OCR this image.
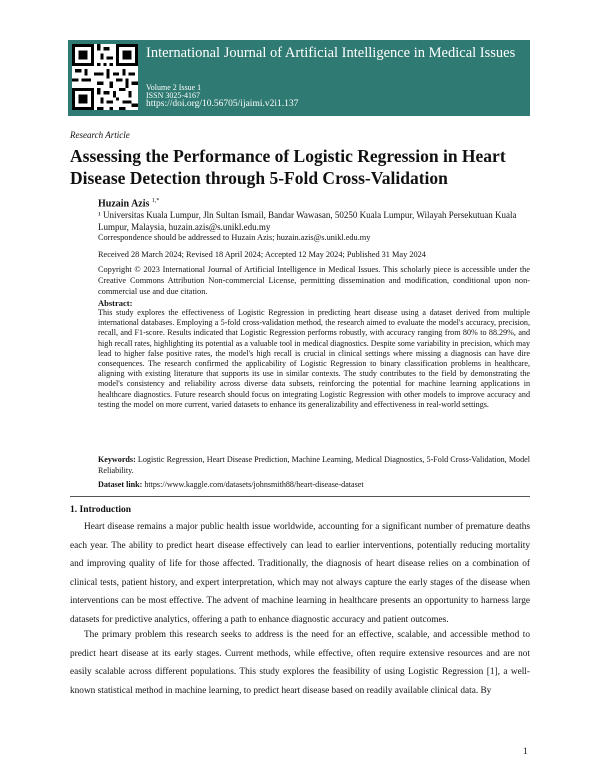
International Journal of Artificial Intelligence in Medical Issues
Volume 2 Issue 1
ISSN 3025-4167
https://doi.org/10.56705/ijaimi.v2i1.137
Research Article
Assessing the Performance of Logistic Regression in Heart Disease Detection through 5-Fold Cross-Validation
Huzain Azis $^{1,*}$
¹ Universitas Kuala Lumpur, Jln Sultan Ismail, Bandar Wawasan, 50250 Kuala Lumpur, Wilayah Persekutuan Kuala Lumpur, Malaysia, huzain.azis@s.unikl.edu.my
Correspondence should be addressed to Huzain Azis; huzain.azis@s.unikl.edu.my
Received 28 March 2024; Revised 18 April 2024; Accepted 12 May 2024; Published 31 May 2024
Copyright © 2023 International Journal of Artificial Intelligence in Medical Issues. This scholarly piece is accessible under the Creative Commons Attribution Non-commercial License, permitting dissemination and modification, conditional upon non-commercial use and due citation.
Abstract:

This study explores the effectiveness of Logistic Regression in predicting heart disease using a dataset derived from multiple international databases. Employing a 5-fold cross-validation method, the research aimed to evaluate the model's accuracy, precision, recall, and F1-score. Results indicated that Logistic Regression performs robustly, with accuracy ranging from 80% to 88.29%, and high recall rates, highlighting its potential as a valuable tool in medical diagnostics. Despite some variability in precision, which may lead to higher false positive rates, the model's high recall is crucial in clinical settings where missing a diagnosis can have dire consequences. The research confirmed the applicability of Logistic Regression to binary classification problems in healthcare, aligning with existing literature that supports its use in similar contexts. The study contributes to the field by demonstrating the model's consistency and reliability across diverse data subsets, reinforcing the potential for machine learning applications in healthcare diagnostics. Future research should focus on integrating Logistic Regression with other models to improve accuracy and testing the model on more current, varied datasets to enhance its generalizability and effectiveness in real-world settings.

Keywords: Logistic Regression, Heart Disease Prediction, Machine Learning, Medical Diagnostics, 5-Fold Cross-Validation, Model Reliability.
Dataset link: https://www.kaggle.com/datasets/johnsmith88/heart-disease-dataset
1. Introduction

Heart disease remains a major public health issue worldwide, accounting for a significant number of premature deaths each year. The ability to predict heart disease effectively can lead to earlier interventions, potentially reducing mortality and improving quality of life for those affected. Traditionally, the diagnosis of heart disease relies on a combination of clinical tests, patient history, and expert interpretation, which may not always capture the early stages of the disease when interventions can be most effective. The advent of machine learning in healthcare presents an opportunity to harness large datasets for predictive analytics, offering a path to enhance diagnostic accuracy and patient outcomes.

The primary problem this research seeks to address is the need for an effective, scalable, and accessible method to predict heart disease at its early stages. Current methods, while effective, often require extensive resources and are not easily scalable across different populations. This study explores the feasibility of using Logistic Regression [1], a well-known statistical method in machine learning, to predict heart disease based on readily available clinical data. By

1
